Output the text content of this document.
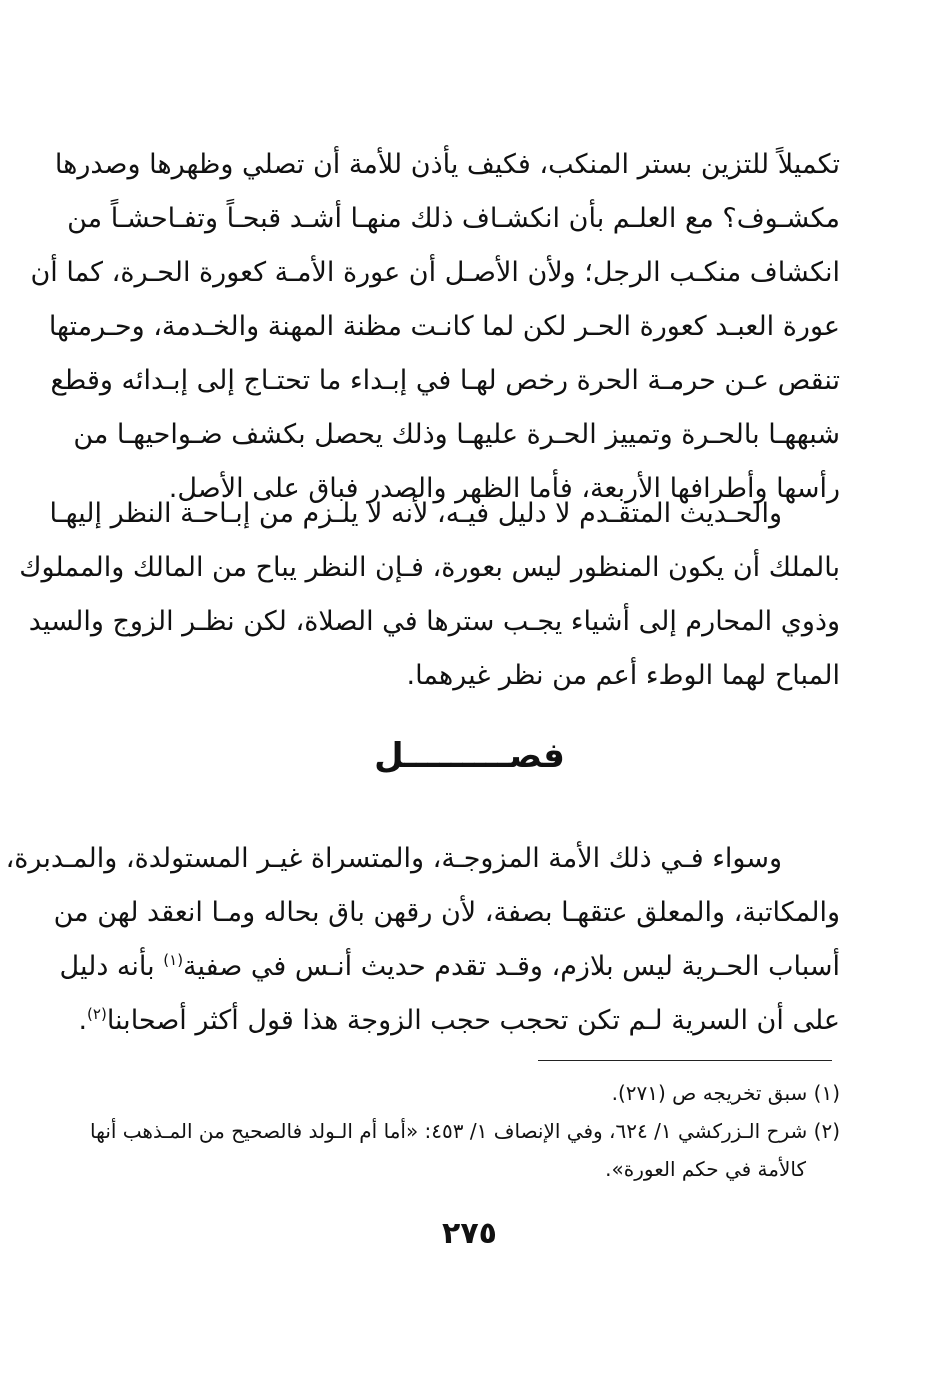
تكميلاً للتزين بستر المنكب، فكيف يأذن للأمة أن تصلي وظهرها وصدرها
مكشـوف؟ مع العلـم بأن انكشـاف ذلك منهـا أشـد قبحـاً وتفـاحشـاً من
انكشاف منكـب الرجل؛ ولأن الأصـل أن عورة الأمـة كعورة الحـرة، كما أن
عورة العبـد كعورة الحـر لكن لما كانـت مظنة المهنة والخـدمة، وحـرمتها
تنقص عـن حرمـة الحرة رخص لهـا في إبـداء ما تحتـاج إلى إبـدائه وقطع
شبههـا بالحـرة وتمييز الحـرة عليهـا وذلك يحصل بكشف ضـواحيهـا من
رأسها وأطرافها الأربعة، فأما الظهر والصدر فباق على الأصل.
والحـديث المتقـدم لا دليل فيـه، لأنه لا يلـزم من إبـاحـة النظر إليهـا
بالملك أن يكون المنظور ليس بعورة، فـإن النظر يباح من المالك والمملوك
وذوي المحارم إلى أشياء يجـب سترها في الصلاة، لكن نظـر الزوج والسيد
المباح لهما الوطء أعم من نظر غيرهما.
فصـــــــــل
وسواء فـي ذلك الأمة المزوجـة، والمتسراة غيـر المستولدة، والمـدبرة،
والمكاتبة، والمعلق عتقهـا بصفة، لأن رقهن باق بحاله ومـا انعقد لهن من
أسباب الحـرية ليس بلازم، وقـد تقدم حديث أنـس في صفية$^{(١)}$ بأنه دليل
على أن السرية لـم تكن تحجب حجب الزوجة هذا قول أكثر أصحابنا$^{(٢)}$.
(١) سبق تخريجه ص (٢٧١).
(٢) شرح الـزركشي ١/ ٦٢٤، وفي الإنصاف ١/ ٤٥٣: «أما أم الـولد فالصحيح من المـذهب أنها
كالأمة في حكم العورة».
٢٧٥
